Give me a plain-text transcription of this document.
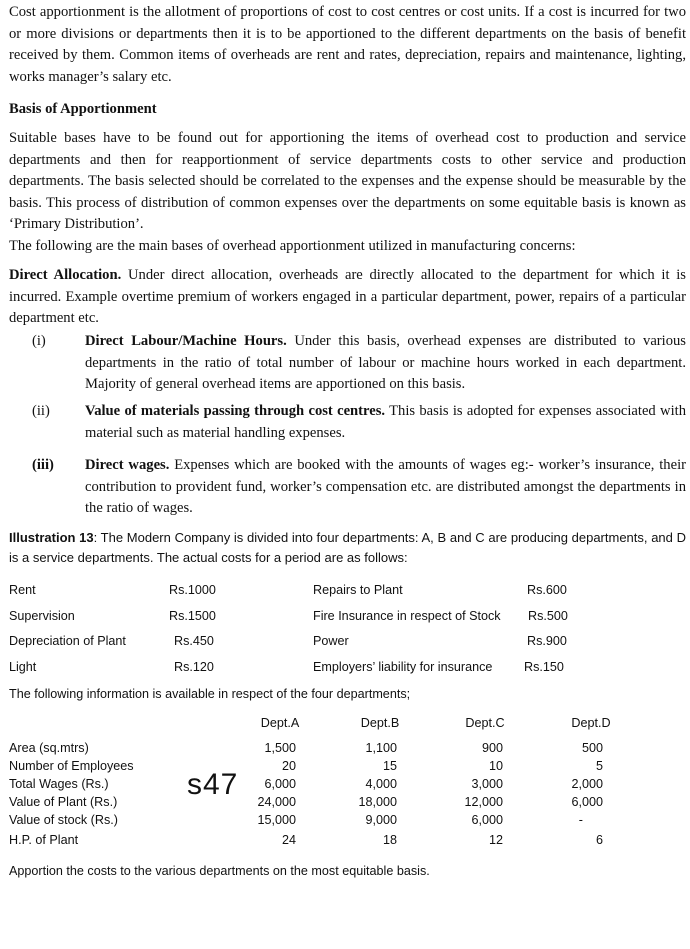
Cost apportionment is the allotment of proportions of cost to cost centres or cost units. If a cost is incurred for two or more divisions or departments then it is to be apportioned to the different departments on the basis of benefit received by them. Common items of overheads are rent and rates, depreciation, repairs and maintenance, lighting, works manager’s salary etc.
Basis of Apportionment
Suitable bases have to be found out for apportioning the items of overhead cost to production and service departments and then for reapportionment of service departments costs to other service and production departments. The basis selected should be correlated to the expenses and the expense should be measurable by the basis. This process of distribution of common expenses over the departments on some equitable basis is known as ‘Primary Distribution’.
The following are the main bases of overhead apportionment utilized in manufacturing concerns:
Direct Allocation. Under direct allocation, overheads are directly allocated to the department for which it is incurred. Example overtime premium of workers engaged in a particular department, power, repairs of a particular department etc.
(i)	Direct Labour/Machine Hours. Under this basis, overhead expenses are distributed to various departments in the ratio of total number of labour or machine hours worked in each department. Majority of general overhead items are apportioned on this basis.
(ii) Value of materials passing through cost centres. This basis is adopted for expenses associated with material such as material handling expenses.
(iii) Direct wages. Expenses which are booked with the amounts of wages eg:- worker’s insurance, their contribution to provident fund, worker’s compensation etc. are distributed amongst the departments in the ratio of wages.
Illustration 13: The Modern Company is divided into four departments: A, B and C are producing departments, and D is a service departments. The actual costs for a period are as follows:
Rent	Rs.1000	Repairs to Plant	Rs.600
Supervision	Rs.1500	Fire Insurance in respect of Stock Rs.500
Depreciation of Plant	Rs.450	Power	Rs.900
Light	Rs.120	Employers’ liability for insurance	Rs.150
The following information is available in respect of the four departments;
Dept.A	Dept.B	Dept.C	Dept.D
Area (sq.mtrs)	1,500	1,100	900	500
Number of Employees	20	15	10	5
Total Wages (Rs.)	6,000	4,000	3,000	2,000
Value of Plant (Rs.)	24,000	18,000	12,000	6,000
Value of stock (Rs.)	15,000	9,000	6,000	-
H.P. of Plant	24	18	12	6
s47
Apportion the costs to the various departments on the most equitable basis.
